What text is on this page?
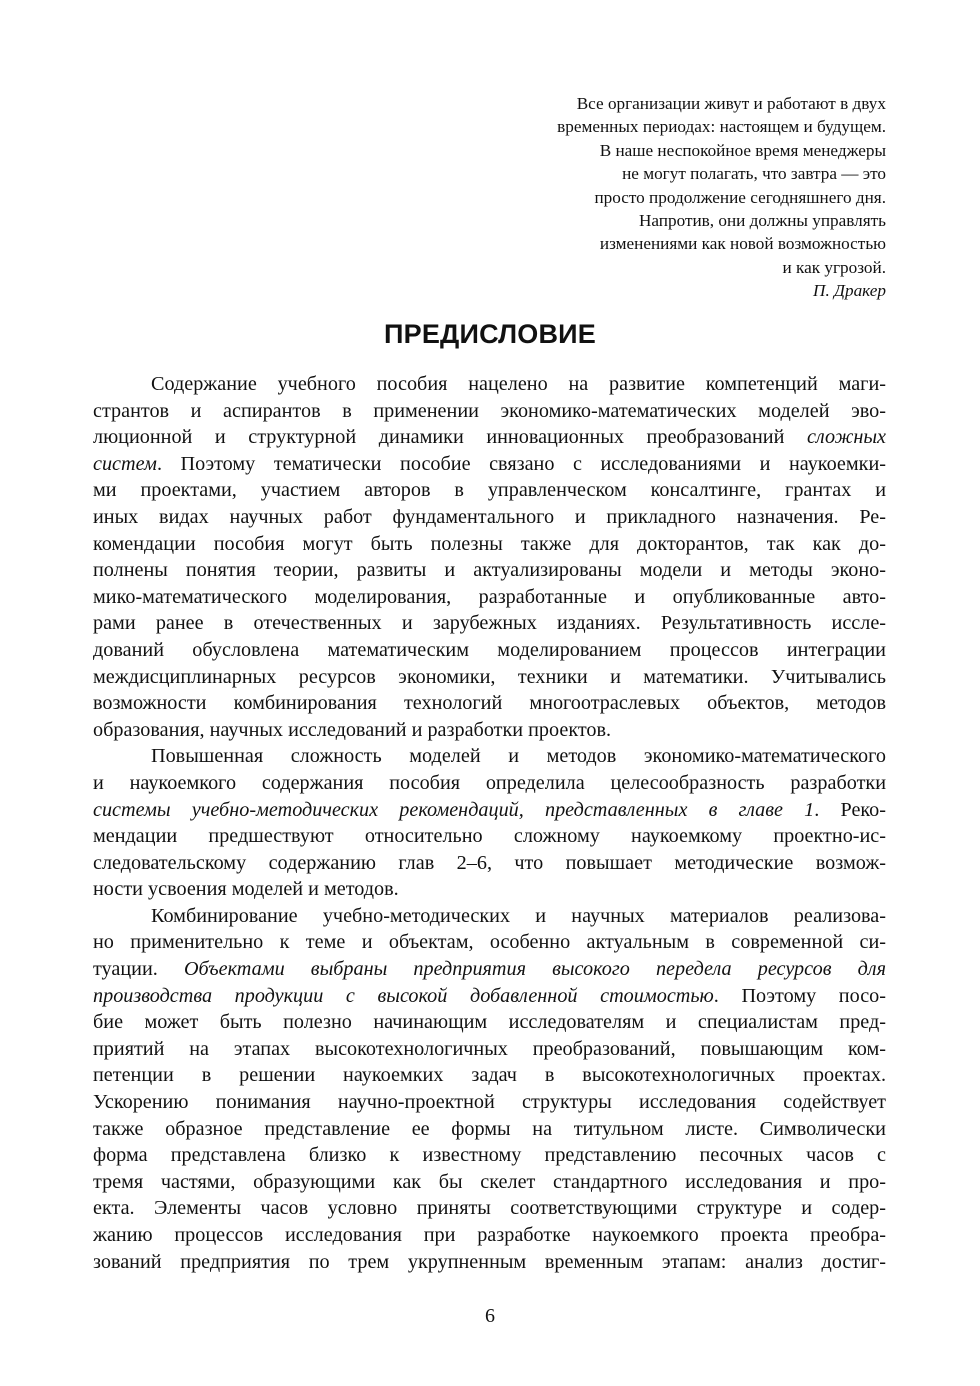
Все организации живут и работают в двух
временных периодах: настоящем и будущем.
В наше неспокойное время менеджеры
не могут полагать, что завтра — это
просто продолжение сегодняшнего дня.
Напротив, они должны управлять
изменениями как новой возможностью
и как угрозой.
П. Дракер
ПРЕДИСЛОВИЕ

Содержание учебного пособия нацелено на развитие компетенций маги-
странтов и аспирантов в применении экономико-математических моделей эво-
люционной и структурной динамики инновационных преобразований сложных
систем. Поэтому тематически пособие связано с исследованиями и наукоемки-
ми проектами, участием авторов в управленческом консалтинге, грантах и
иных видах научных работ фундаментального и прикладного назначения. Ре-
комендации пособия могут быть полезны также для докторантов, так как до-
полнены понятия теории, развиты и актуализированы модели и методы эконо-
мико-математического моделирования, разработанные и опубликованные авто-
рами ранее в отечественных и зарубежных изданиях. Результативность иссле-
дований обусловлена математическим моделированием процессов интеграции
междисциплинарных ресурсов экономики, техники и математики. Учитывались
возможности комбинирования технологий многоотраслевых объектов, методов
образования, научных исследований и разработки проектов.

Повышенная сложность моделей и методов экономико-математического
и наукоемкого содержания пособия определила целесообразность разработки
системы учебно-методических рекомендаций, представленных в главе 1. Реко-
мендации предшествуют относительно сложному наукоемкому проектно-ис-
следовательскому содержанию глав 2–6, что повышает методические возмож-
ности усвоения моделей и методов.

Комбинирование учебно-методических и научных материалов реализова-
но применительно к теме и объектам, особенно актуальным в современной си-
туации. Объектами выбраны предприятия высокого передела ресурсов для
производства продукции с высокой добавленной стоимостью. Поэтому посо-
бие может быть полезно начинающим исследователям и специалистам пред-
приятий на этапах высокотехнологичных преобразований, повышающим ком-
петенции в решении наукоемких задач в высокотехнологичных проектах.
Ускорению понимания научно-проектной структуры исследования содействует
также образное представление ее формы на титульном листе. Символически
форма представлена близко к известному представлению песочных часов с
тремя частями, образующими как бы скелет стандартного исследования и про-
екта. Элементы часов условно приняты соответствующими структуре и содер-
жанию процессов исследования при разработке наукоемкого проекта преобра-
зований предприятия по трем укрупненным временным этапам: анализ достиг-

6
